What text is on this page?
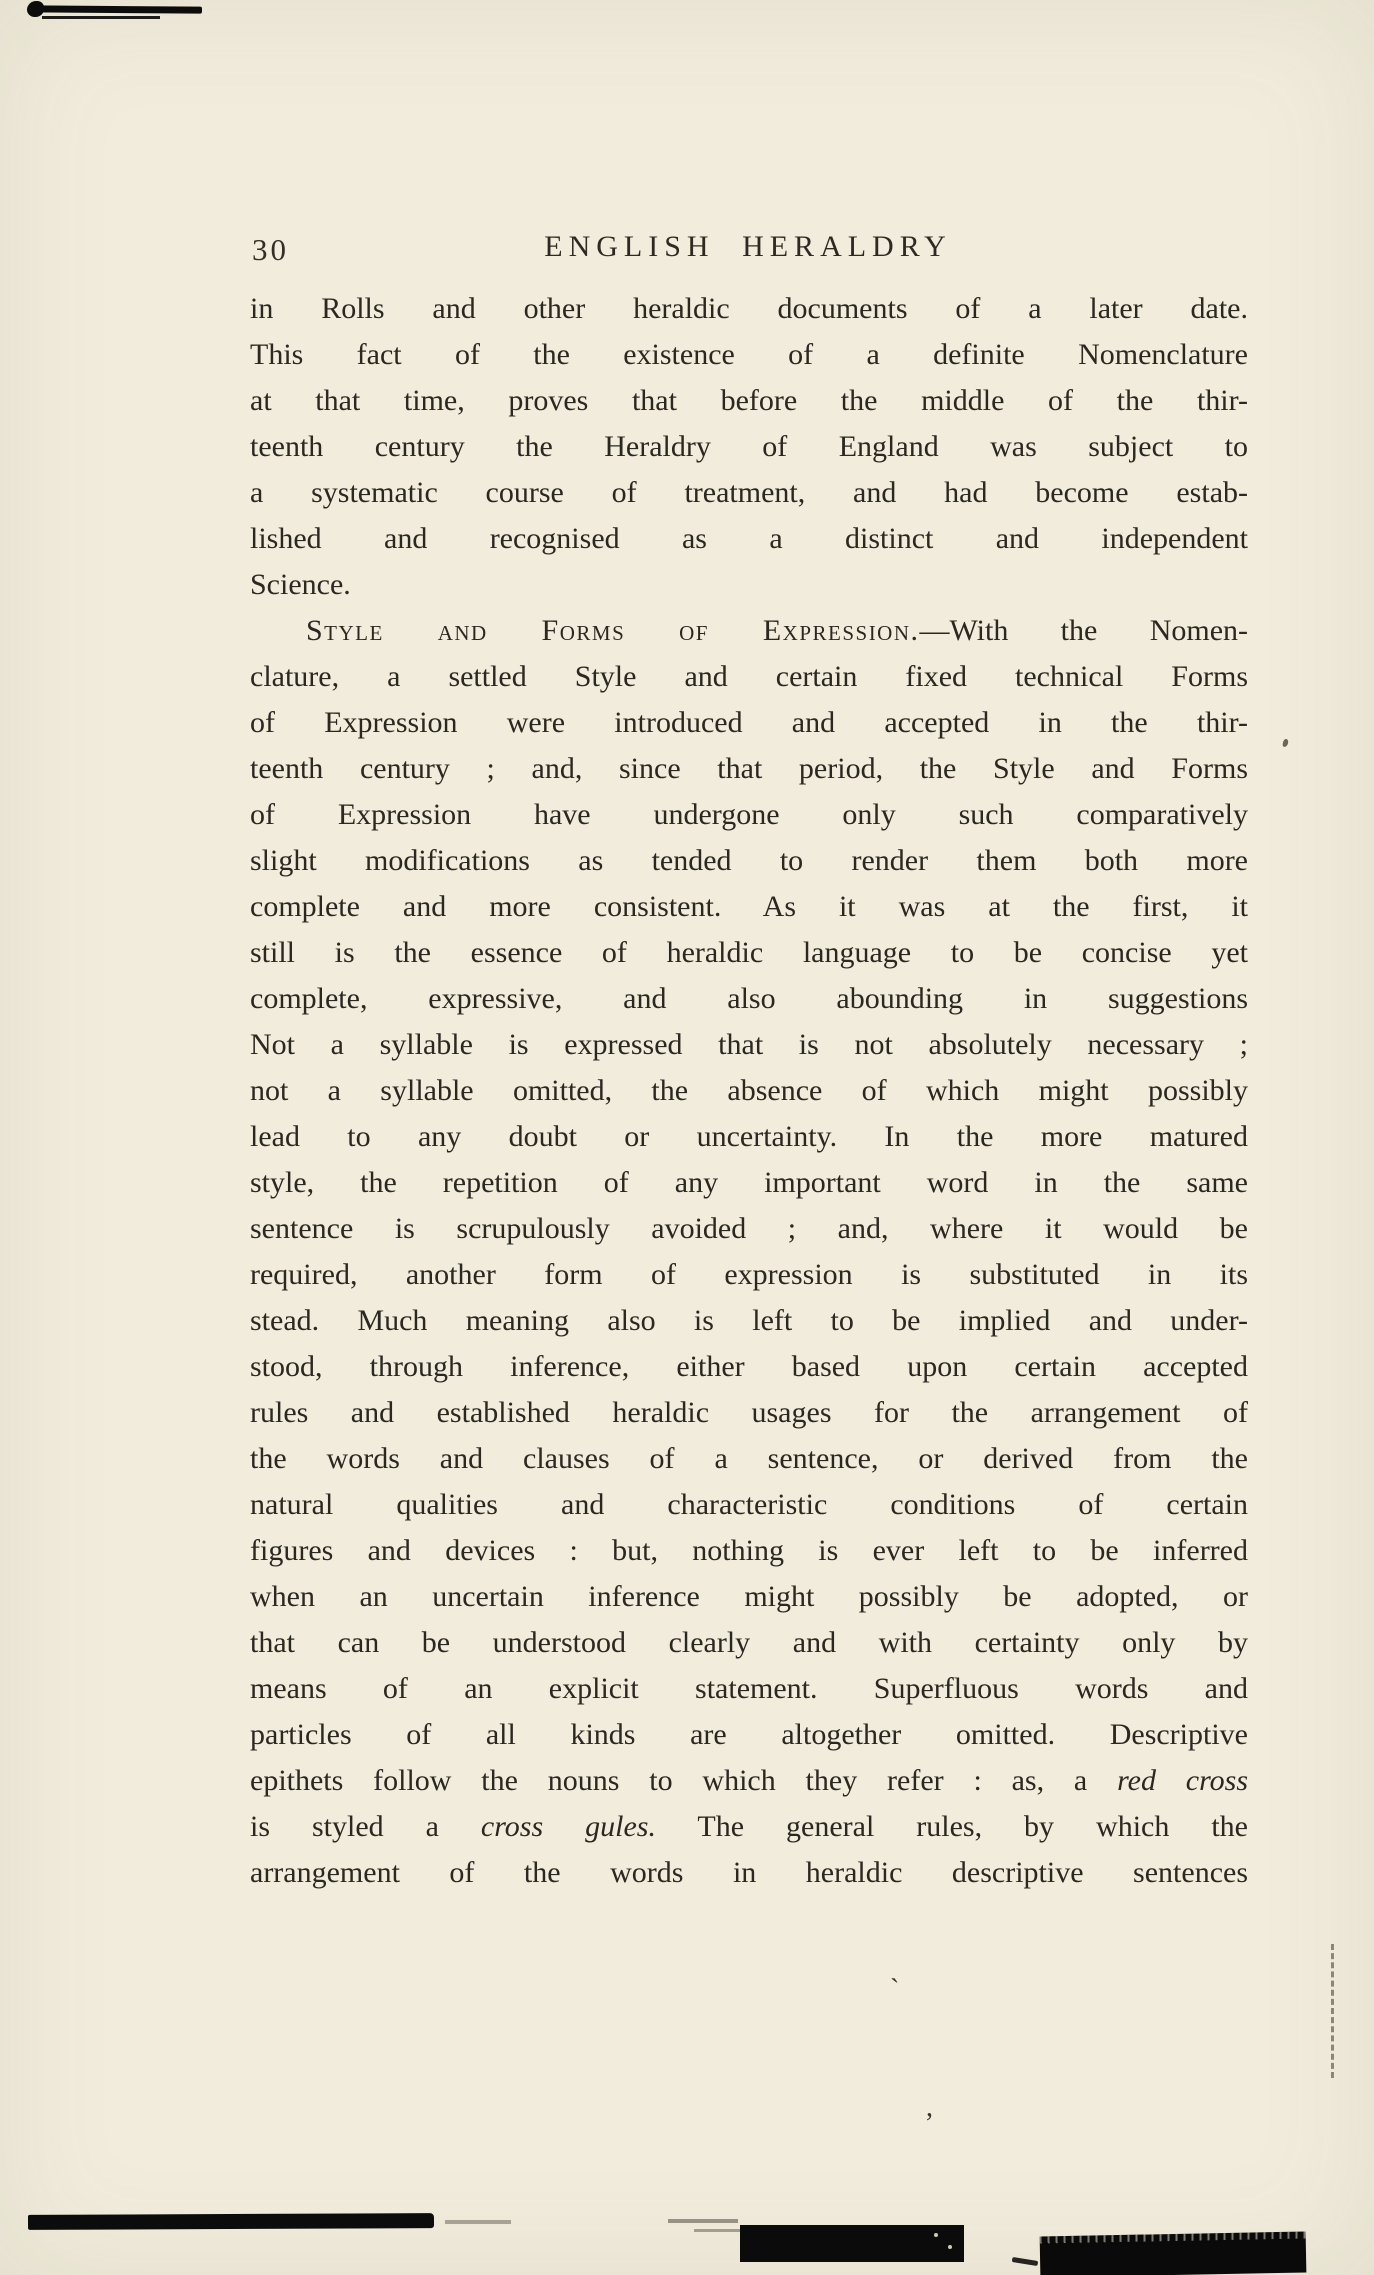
30	ENGLISH HERALDRY
in Rolls and other heraldic documents of a later date.
This fact of the existence of a definite Nomenclature
at that time, proves that before the middle of the thir-
teenth century the Heraldry of England was subject to
a systematic course of treatment, and had become estab-
lished and recognised as a distinct and independent
Science.
Style and Forms of Expression.—With the Nomen-
clature, a settled Style and certain fixed technical Forms
of Expression were introduced and accepted in the thir-
teenth century ; and, since that period, the Style and Forms
of Expression have undergone only such comparatively
slight modifications as tended to render them both more
complete and more consistent. As it was at the first, it
still is the essence of heraldic language to be concise yet
complete, expressive, and also abounding in suggestions
Not a syllable is expressed that is not absolutely necessary ;
not a syllable omitted, the absence of which might possibly
lead to any doubt or uncertainty. In the more matured
style, the repetition of any important word in the same
sentence is scrupulously avoided ; and, where it would be
required, another form of expression is substituted in its
stead. Much meaning also is left to be implied and under-
stood, through inference, either based upon certain accepted
rules and established heraldic usages for the arrangement of
the words and clauses of a sentence, or derived from the
natural qualities and characteristic conditions of certain
figures and devices : but, nothing is ever left to be inferred
when an uncertain inference might possibly be adopted, or
that can be understood clearly and with certainty only by
means of an explicit statement. Superfluous words and
particles of all kinds are altogether omitted. Descriptive
epithets follow the nouns to which they refer : as, a red cross
is styled a cross gules. The general rules, by which the
arrangement of the words in heraldic descriptive sentences
`
,
